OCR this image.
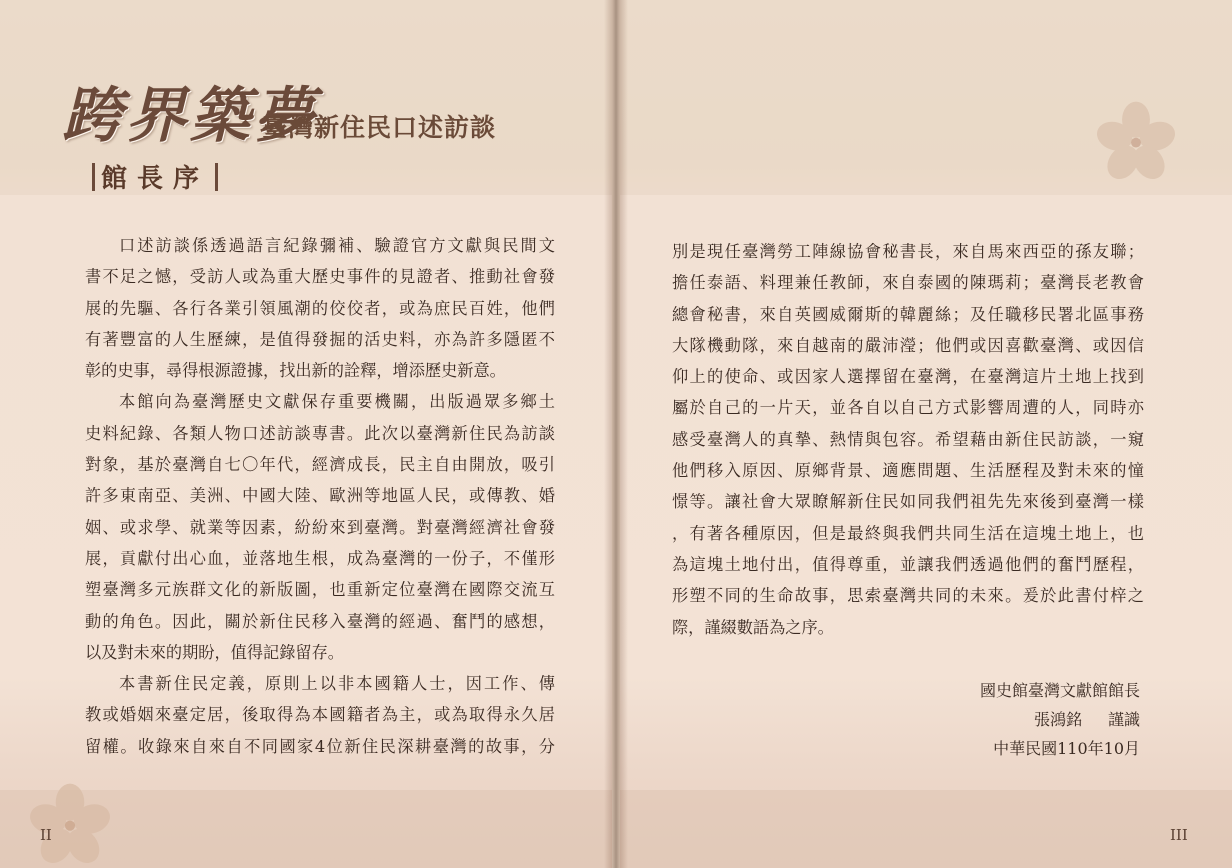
跨界築夢
臺灣新住民口述訪談
館長序
口述訪談係透過語言紀錄彌補、驗證官方文獻與民間文
書不足之憾，受訪人或為重大歷史事件的見證者、推動社會發
展的先驅、各行各業引領風潮的佼佼者，或為庶民百姓，他們
有著豐富的人生歷練，是值得發掘的活史料，亦為許多隱匿不
彰的史事，尋得根源證據，找出新的詮釋，增添歷史新意。
本館向為臺灣歷史文獻保存重要機關，出版過眾多鄉土
史料紀錄、各類人物口述訪談專書。此次以臺灣新住民為訪談
對象，基於臺灣自七〇年代，經濟成長，民主自由開放，吸引
許多東南亞、美洲、中國大陸、歐洲等地區人民，或傳教、婚
姻、或求學、就業等因素，紛紛來到臺灣。對臺灣經濟社會發
展，貢獻付出心血，並落地生根，成為臺灣的一份子，不僅形
塑臺灣多元族群文化的新版圖，也重新定位臺灣在國際交流互
動的角色。因此，關於新住民移入臺灣的經過、奮鬥的感想，
以及對未來的期盼，值得記錄留存。
本書新住民定義，原則上以非本國籍人士，因工作、傳
教或婚姻來臺定居，後取得為本國籍者為主，或為取得永久居
留權。收錄來自來自不同國家4位新住民深耕臺灣的故事，分
II
別是現任臺灣勞工陣線協會秘書長，來自馬來西亞的孫友聯；
擔任泰語、料理兼任教師，來自泰國的陳瑪莉；臺灣長老教會
總會秘書，來自英國威爾斯的韓麗絲；及任職移民署北區事務
大隊機動隊，來自越南的嚴沛瀅；他們或因喜歡臺灣、或因信
仰上的使命、或因家人選擇留在臺灣，在臺灣這片土地上找到
屬於自己的一片天，並各自以自己方式影響周遭的人，同時亦
感受臺灣人的真摯、熱情與包容。希望藉由新住民訪談，一窺
他們移入原因、原鄉背景、適應問題、生活歷程及對未來的憧
憬等。讓社會大眾瞭解新住民如同我們祖先先來後到臺灣一樣
，有著各種原因，但是最終與我們共同生活在這塊土地上，也
為這塊土地付出，值得尊重，並讓我們透過他們的奮鬥歷程，
形塑不同的生命故事，思索臺灣共同的未來。爰於此書付梓之
際，謹綴數語為之序。
國史館臺灣文獻館館長
張鴻銘 謹識
中華民國110年10月
III
